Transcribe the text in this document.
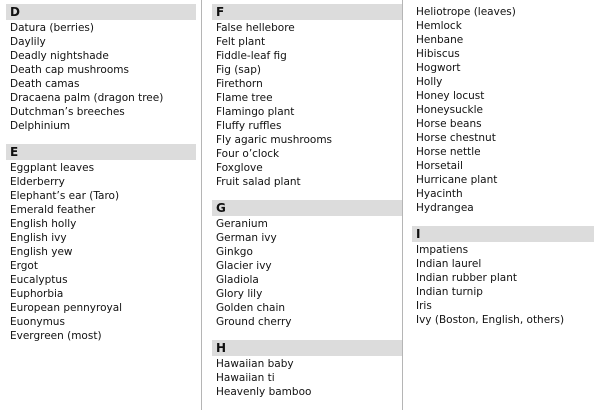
D
Datura (berries)
Daylily
Deadly nightshade
Death cap mushrooms
Death camas
Dracaena palm (dragon tree)
Dutchman’s breeches
Delphinium
E
Eggplant leaves
Elderberry
Elephant’s ear (Taro)
Emerald feather
English holly
English ivy
English yew
Ergot
Eucalyptus
Euphorbia
European pennyroyal
Euonymus
Evergreen (most)
F
False hellebore
Felt plant
Fiddle-leaf fig
Fig (sap)
Firethorn
Flame tree
Flamingo plant
Fluffy ruffles
Fly agaric mushrooms
Four o’clock
Foxglove
Fruit salad plant
G
Geranium
German ivy
Ginkgo
Glacier ivy
Gladiola
Glory lily
Golden chain
Ground cherry
H
Hawaiian baby
Hawaiian ti
Heavenly bamboo
Heliotrope (leaves)
Hemlock
Henbane
Hibiscus
Hogwort
Holly
Honey locust
Honeysuckle
Horse beans
Horse chestnut
Horse nettle
Horsetail
Hurricane plant
Hyacinth
Hydrangea
I
Impatiens
Indian laurel
Indian rubber plant
Indian turnip
Iris
Ivy (Boston, English, others)
